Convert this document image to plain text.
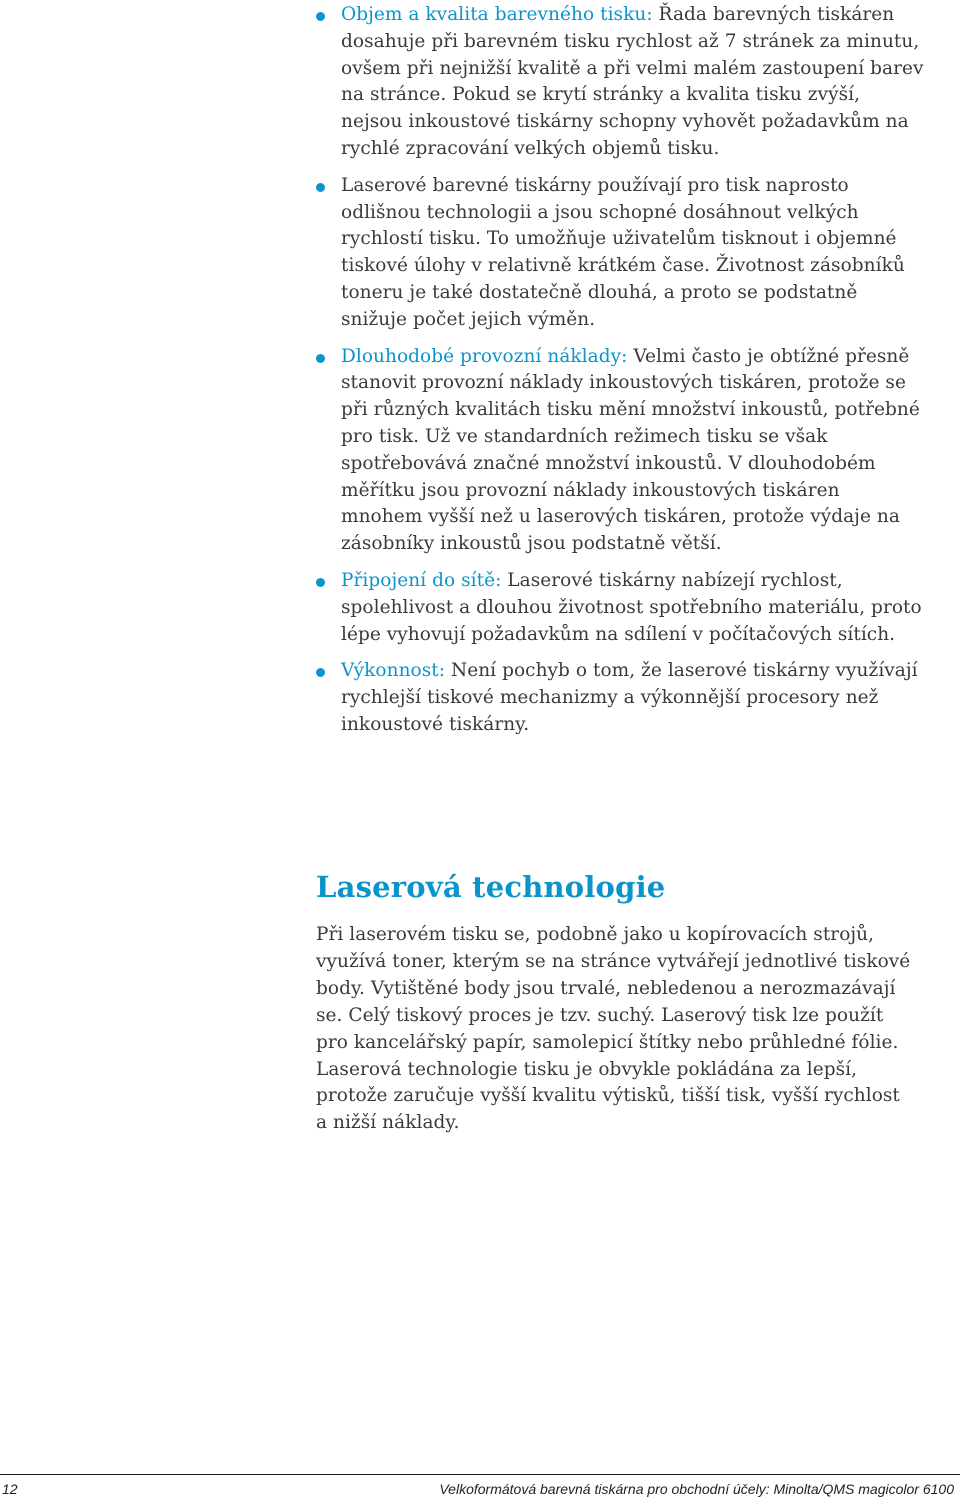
Objem a kvalita barevného tisku: Řada barevných tiskáren dosahuje při barevném tisku rychlost až 7 stránek za minutu, ovšem při nejnižší kvalitě a při velmi malém zastoupení barev na stránce. Pokud se krytí stránky a kvalita tisku zvýší, nejsou inkoustové tiskárny schopny vyhovět požadavkům na rychlé zpracování velkých objemů tisku.
Laserové barevné tiskárny používají pro tisk naprosto odlišnou technologii a jsou schopné dosáhnout velkých rychlostí tisku. To umožňuje uživatelům tisknout i objemné tiskové úlohy v relativně krátkém čase. Životnost zásobníků toneru je také dostatečně dlouhá, a proto se podstatně snižuje počet jejich výměn.
Dlouhodobé provozní náklady: Velmi často je obtížné přesně stanovit provozní náklady inkoustových tiskáren, protože se při různých kvalitách tisku mění množství inkoustů, potřebné pro tisk. Už ve standardních režimech tisku se však spotřebovává značné množství inkoustů. V dlouhodobém měřítku jsou provozní náklady inkoustových tiskáren mnohem vyšší než u laserových tiskáren, protože výdaje na zásobníky inkoustů jsou podstatně větší.
Připojení do sítě: Laserové tiskárny nabízejí rychlost, spolehlivost a dlouhou životnost spotřebního materiálu, proto lépe vyhovují požadavkům na sdílení v počítačových sítích.
Výkonnost: Není pochyb o tom, že laserové tiskárny využívají rychlejší tiskové mechanizmy a výkonnější procesory než inkoustové tiskárny.
Laserová technologie

Při laserovém tisku se, podobně jako u kopírovacích strojů, využívá toner, kterým se na stránce vytvářejí jednotlivé tiskové body. Vytištěné body jsou trvalé, nebledenou a nerozmazávají se. Celý tiskový proces je tzv. suchý. Laserový tisk lze použít pro kancelářský papír, samolepicí štítky nebo průhledné fólie. Laserová technologie tisku je obvykle pokládána za lepší, protože zaručuje vyšší kvalitu výtisků, tišší tisk, vyšší rychlost a nižší náklady.

12	Velkoformátová barevná tiskárna pro obchodní účely: Minolta/QMS magicolor 6100
